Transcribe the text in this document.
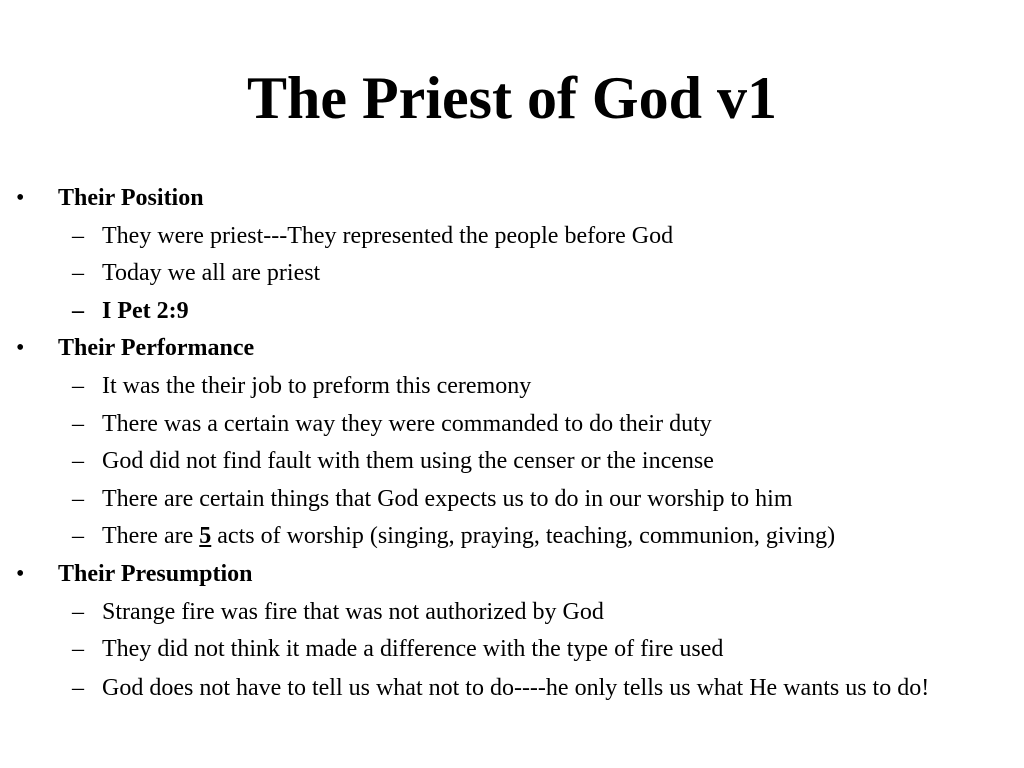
The Priest of God v1
• Their Position
– They were priest---They represented the people before God
– Today we all are priest
– I Pet 2:9
• Their Performance
– It was the their job to preform this ceremony
– There was a certain way they were commanded to do their duty
– God did not find fault with them using the censer or the incense
– There are certain things that God expects us to do in our worship to him
– There are 5 acts of worship (singing, praying, teaching, communion, giving)
• Their Presumption
– Strange fire was fire that was not authorized by God
– They did not think it made a difference with the type of fire used
– God does not have to tell us what not to do----he only tells us what He wants us to do!
